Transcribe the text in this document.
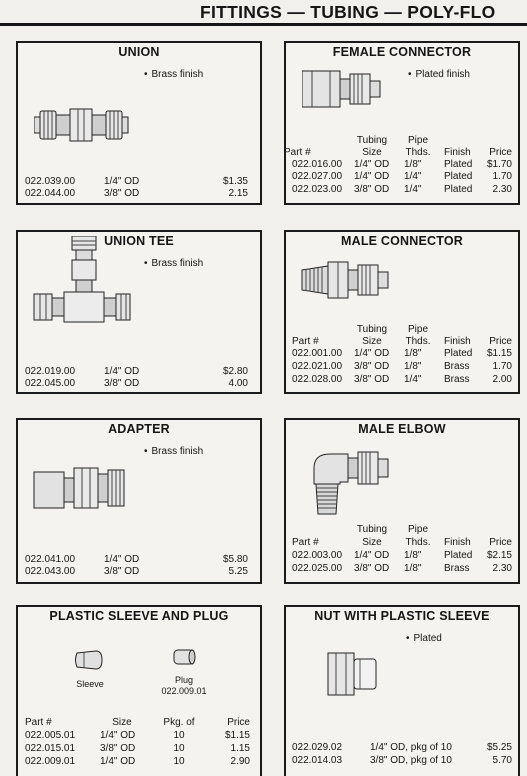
FITTINGS — TUBING — POLY-FLO
UNION
• Brass finish
022.039.00	1/4" OD	$1.35
022.044.00	3/8" OD	2.15
FEMALE CONNECTOR
• Plated finish
Tubing	Pipe
Part #	Size	Thds.	Finish	Price
022.016.00 1/4" OD 1/8" Plated	$1.70
022.027.00 1/4" OD 1/4" Plated	1.70
022.023.00 3/8" OD 1/4" Plated	2.30
UNION TEE
• Brass finish
022.019.00	1/4" OD	$2.80
022.045.00	3/8" OD	4.00
MALE CONNECTOR
Tubing	Pipe
Part #	Size	Thds.	Finish	Price
022.001.00 1/4" OD 1/8" Plated	$1.15
022.021.00 3/8" OD 1/8" Brass	1.70
022.028.00 3/8" OD 1/4" Brass	2.00
ADAPTER
• Brass finish
022.041.00	1/4" OD	$5.80
022.043.00	3/8" OD	5.25
MALE ELBOW
Tubing	Pipe
Part #	Size	Thds.	Finish	Price
022.003.00 1/4" OD 1/8" Plated	$2.15
022.025.00 3/8" OD 1/8" Brass	2.30
PLASTIC SLEEVE AND PLUG
Sleeve	Plug
022.009.01
Part #	Size	Pkg. of	Price
022.005.01 1/4" OD	10	$1.15
022.015.01 3/8" OD	10	1.15
022.009.01 1/4" OD	10	2.90
NUT WITH PLASTIC SLEEVE
• Plated
022.029.02	1/4" OD, pkg of 10	$5.25
022.014.03	3/8" OD, pkg of 10	5.70
